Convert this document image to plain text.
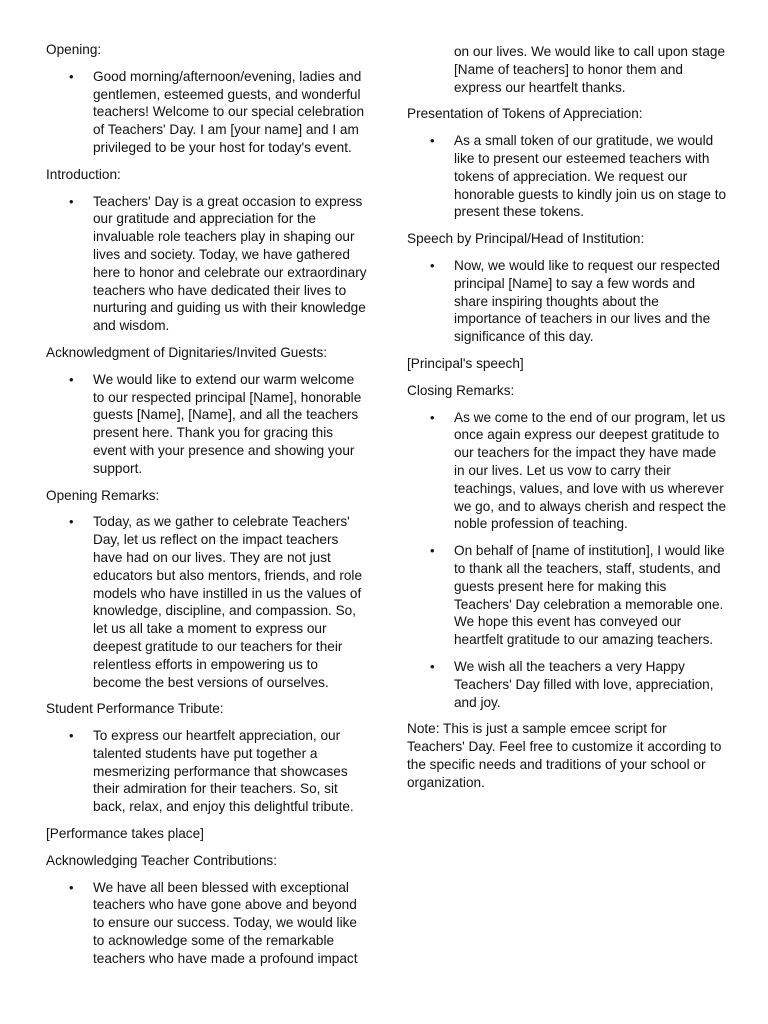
Opening:

• Good morning/afternoon/evening, ladies and gentlemen, esteemed guests, and wonderful teachers! Welcome to our special celebration of Teachers' Day. I am [your name] and I am privileged to be your host for today's event.

Introduction:

• Teachers' Day is a great occasion to express our gratitude and appreciation for the invaluable role teachers play in shaping our lives and society. Today, we have gathered here to honor and celebrate our extraordinary teachers who have dedicated their lives to nurturing and guiding us with their knowledge and wisdom.

Acknowledgment of Dignitaries/Invited Guests:

• We would like to extend our warm welcome to our respected principal [Name], honorable guests [Name], [Name], and all the teachers present here. Thank you for gracing this event with your presence and showing your support.

Opening Remarks:

• Today, as we gather to celebrate Teachers' Day, let us reflect on the impact teachers have had on our lives. They are not just educators but also mentors, friends, and role models who have instilled in us the values of knowledge, discipline, and compassion. So, let us all take a moment to express our deepest gratitude to our teachers for their relentless efforts in empowering us to become the best versions of ourselves.

Student Performance Tribute:

• To express our heartfelt appreciation, our talented students have put together a mesmerizing performance that showcases their admiration for their teachers. So, sit back, relax, and enjoy this delightful tribute.

[Performance takes place]

Acknowledging Teacher Contributions:

• We have all been blessed with exceptional teachers who have gone above and beyond to ensure our success. Today, we would like to acknowledge some of the remarkable teachers who have made a profound impact

on our lives. We would like to call upon stage [Name of teachers] to honor them and express our heartfelt thanks.

Presentation of Tokens of Appreciation:

• As a small token of our gratitude, we would like to present our esteemed teachers with tokens of appreciation. We request our honorable guests to kindly join us on stage to present these tokens.

Speech by Principal/Head of Institution:

• Now, we would like to request our respected principal [Name] to say a few words and share inspiring thoughts about the importance of teachers in our lives and the significance of this day.

[Principal's speech]

Closing Remarks:

• As we come to the end of our program, let us once again express our deepest gratitude to our teachers for the impact they have made in our lives. Let us vow to carry their teachings, values, and love with us wherever we go, and to always cherish and respect the noble profession of teaching.
• On behalf of [name of institution], I would like to thank all the teachers, staff, students, and guests present here for making this Teachers' Day celebration a memorable one. We hope this event has conveyed our heartfelt gratitude to our amazing teachers.
• We wish all the teachers a very Happy Teachers' Day filled with love, appreciation, and joy.

Note: This is just a sample emcee script for Teachers' Day. Feel free to customize it according to the specific needs and traditions of your school or organization.
